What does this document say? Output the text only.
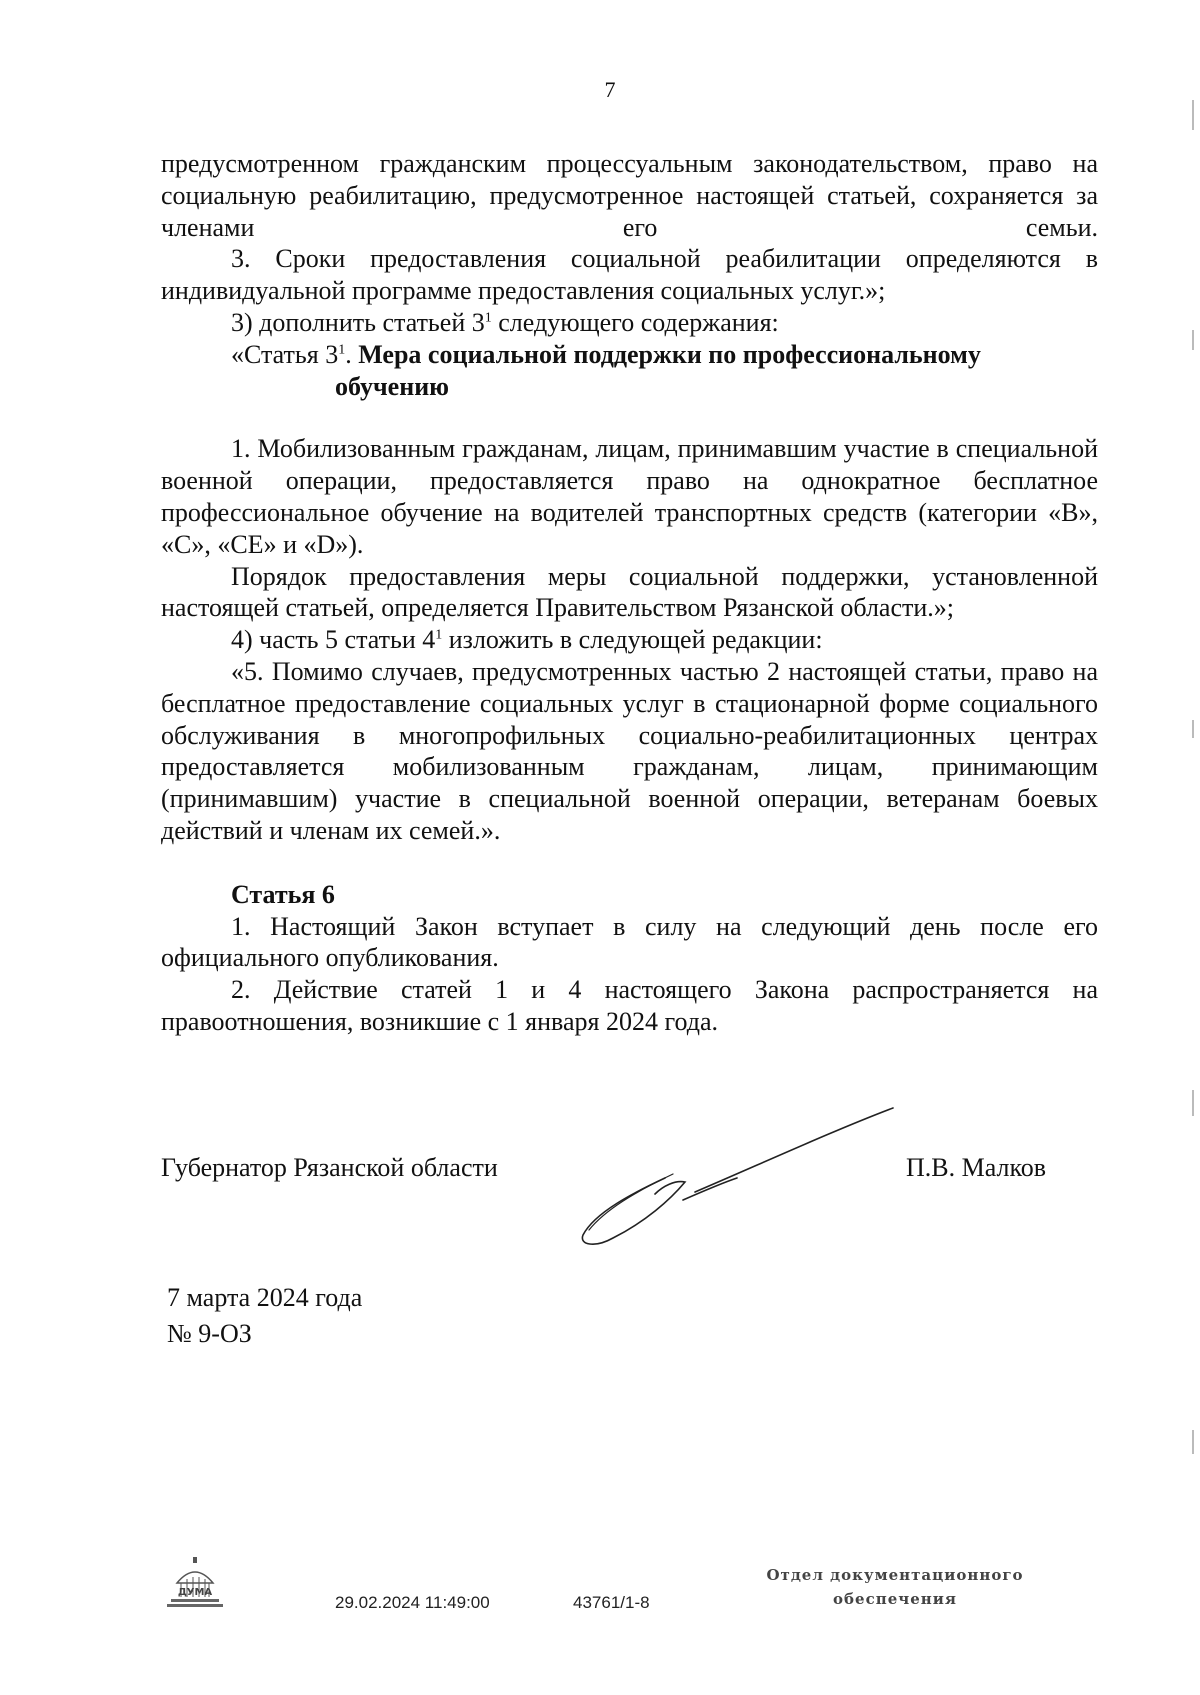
7

предусмотренном гражданским процессуальным законодательством, право на социальную реабилитацию, предусмотренное настоящей статьей, сохраняется за членами его семьи.

3. Сроки предоставления социальной реабилитации определяются в индивидуальной программе предоставления социальных услуг.»;

3) дополнить статьей $3^1$ следующего содержания:

«Статья $3^1$. Мера социальной поддержки по профессиональному
обучению

1. Мобилизованным гражданам, лицам, принимавшим участие в специальной военной операции, предоставляется право на однократное бесплатное профессиональное обучение на водителей транспортных средств (категории «B», «C», «CE» и «D»).

Порядок предоставления меры социальной поддержки, установленной настоящей статьей, определяется Правительством Рязанской области.»;

4) часть 5 статьи $4^1$ изложить в следующей редакции:

«5. Помимо случаев, предусмотренных частью 2 настоящей статьи, право на бесплатное предоставление социальных услуг в стационарной форме социального обслуживания в многопрофильных социально-реабилитационных центрах предоставляется мобилизованным гражданам, лицам, принимающим (принимавшим) участие в специальной военной операции, ветеранам боевых действий и членам их семей.».

Статья 6

1. Настоящий Закон вступает в силу на следующий день после его официального опубликования.

2. Действие статей 1 и 4 настоящего Закона распространяется на правоотношения, возникшие с 1 января 2024 года.

Губернатор Рязанской области	П.В. Малков
7 марта 2024 года
№ 9-ОЗ
ДУМА
29.02.2024 11:49:00	43761/1-8
Отдел документационного
обеспечения
